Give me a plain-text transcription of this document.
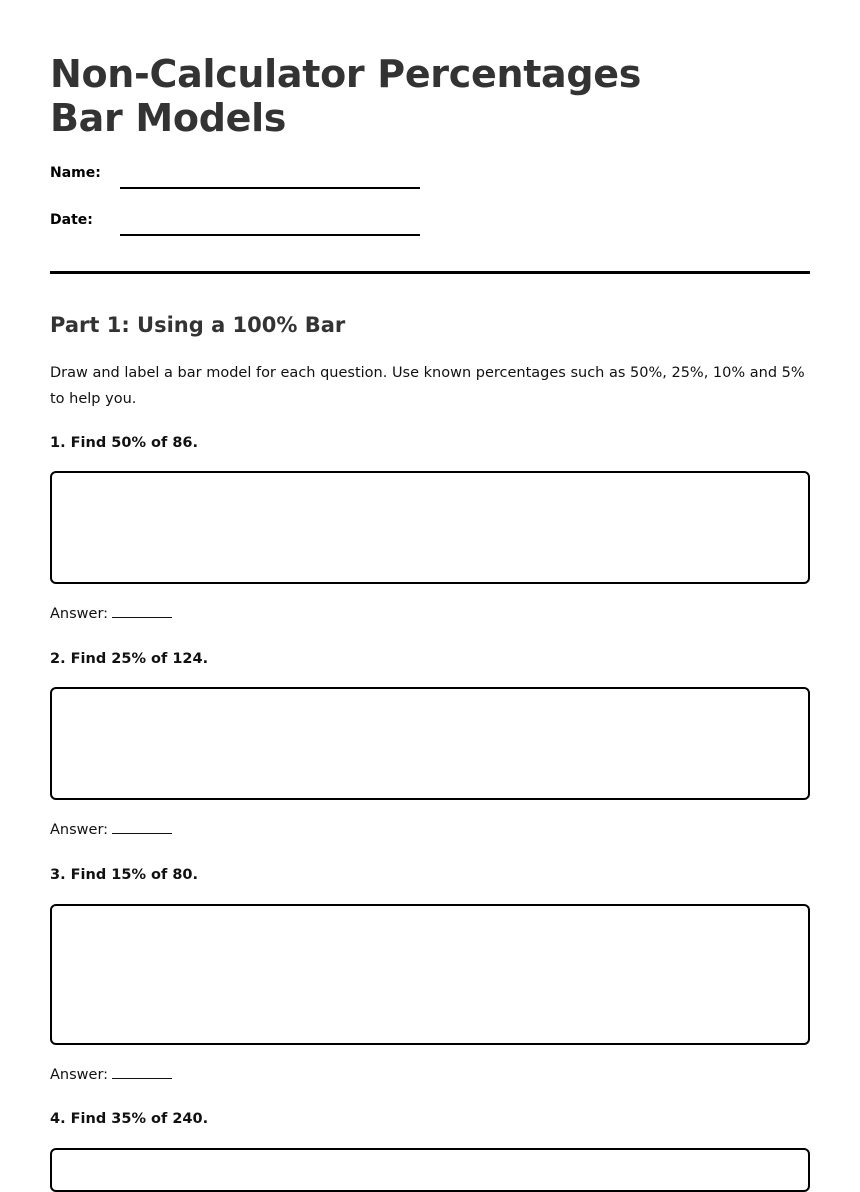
Non-Calculator Percentages Bar Models
Name:
Date:
Part 1: Using a 100% Bar

Draw and label a bar model for each question. Use known percentages such as 50%, 25%, 10% and 5% to help you.

1. Find 50% of 86.
Answer:
2. Find 25% of 124.
Answer:
3. Find 15% of 80.
Answer:
4. Find 35% of 240.
